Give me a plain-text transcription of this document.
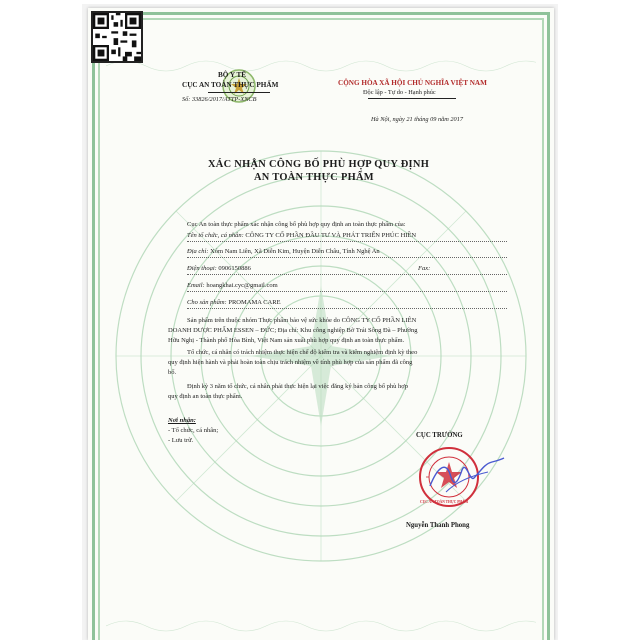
BỘ Y TẾ
CỤC AN TOÀN THỰC PHẨM
Số: 33826/2017/ATTP-XNCB
CỘNG HÒA XÃ HỘI CHỦ NGHĨA VIỆT NAM
Độc lập - Tự do - Hạnh phúc
Hà Nội, ngày 21 tháng 09 năm 2017
XÁC NHẬN CÔNG BỐ PHÙ HỢP QUY ĐỊNH
AN TOÀN THỰC PHẨM
Cục An toàn thực phẩm xác nhận công bố phù hợp quy định an toàn thực phẩm của:
Tên tổ chức, cá nhân: CÔNG TY CỔ PHẦN ĐẦU TƯ VÀ PHÁT TRIỂN PHÚC HIỀN
Địa chỉ: Xóm Nam Liên, Xã Diễn Kim, Huyện Diễn Châu, Tỉnh Nghệ An
Điện thoại: 0906150886	Fax:
Email: hoangkhai.cyc@gmail.com
Cho sản phẩm: PROMAMA CARE
Sản phẩm trên thuộc nhóm Thực phẩm bảo vệ sức khỏe do CÔNG TY CỔ PHẦN LIÊN
DOANH DƯỢC PHẨM ESSEN – ĐỨC; Địa chỉ: Khu công nghiệp Bờ Trái Sông Đà – Phường
Hữu Nghị - Thành phố Hòa Bình, Việt Nam sản xuất phù hợp quy định an toàn thực phẩm.
Tổ chức, cá nhân có trách nhiệm thực hiện chế độ kiểm tra và kiểm nghiệm định kỳ theo
quy định hiện hành và phải hoàn toàn chịu trách nhiệm về tính phù hợp của sản phẩm đã công
bố.
Định kỳ 3 năm tổ chức, cá nhân phải thực hiện lại việc đăng ký bản công bố phù hợp
quy định an toàn thực phẩm.
Nơi nhận:
- Tổ chức, cá nhân;
- Lưu trữ.
CỤC TRƯỞNG
CỤC AN TOÀN THỰC PHẨM
Nguyễn Thanh Phong
